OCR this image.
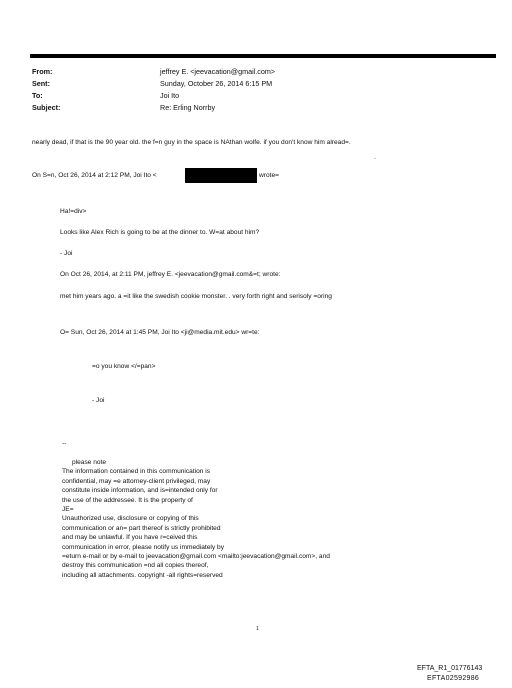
From:
Sent:
To:
Subject:
jeffrey E. <jeevacation@gmail.com>
Sunday, October 26, 2014 6:15 PM
Joi Ito
Re: Erling Norrby
nearly dead, if that is the 90 year old. the f=n guy in the space is NAthan wolfe. if you don't know him alread=.
.
On S=n, Oct 26, 2014 at 2:12 PM, Joi Ito <	wrote=
Ha!=div>
Looks like Alex Rich is going to be at the dinner to. W=at about him?
- Joi
On Oct 26, 2014, at 2:11 PM, jeffrey E. <jeevacation@gmail.com&=t; wrote:
met him years ago. a =it like the swedish cookie monster. . very forth right and serisoly =oring
O= Sun, Oct 26, 2014 at 1:45 PM, Joi Ito <ji@media.mit.edu> wr=te:
=o you know </=pan>
- Joi
--
please note
The information contained in this communication is
confidential, may =e attorney-client privileged, may
constitute inside information, and is=intended only for
the use of the addressee. It is the property of
JE=
Unauthorized use, disclosure or copying of this
communication or an= part thereof is strictly prohibited
and may be unlawful. If you have r=ceived this
communication in error, please notify us immediately by
=eturn e-mail or by e-mail to jeevacation@gmail.com <mailto:jeevacation@gmail.com>, and
destroy this communication =nd all copies thereof,
including all attachments. copyright -all rights=reserved
1
EFTA_R1_01776143
EFTA02592986
